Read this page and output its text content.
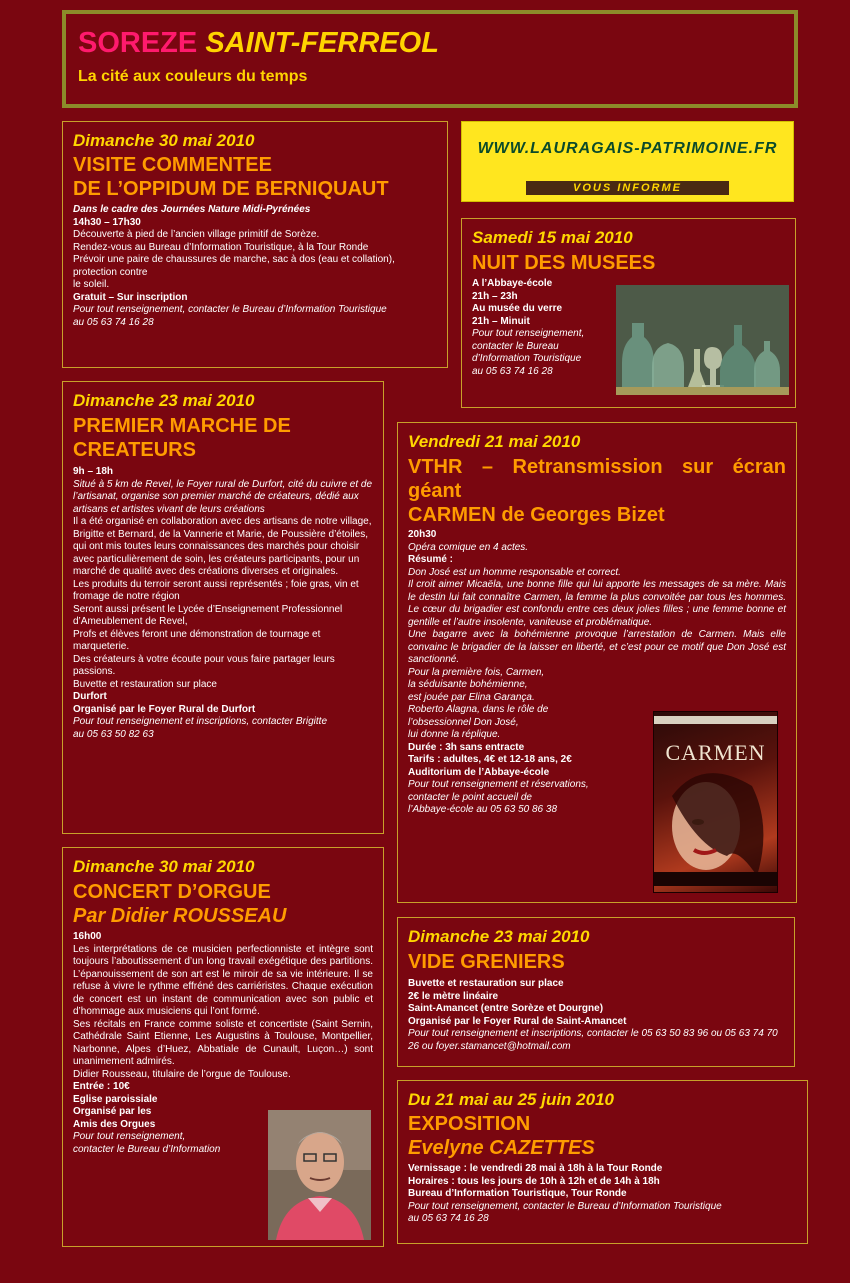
SOREZE SAINT-FERREOL
La cité aux couleurs du temps
WWW.LAURAGAIS-PATRIMOINE.FR
VOUS INFORME
Dimanche 30 mai 2010
VISITE COMMENTEE
DE L’OPPIDUM DE BERNIQUAUT
Dans le cadre des Journées Nature Midi-Pyrénées
14h30 – 17h30
Découverte à pied de l’ancien village primitif de Sorèze.
Rendez-vous au Bureau d’Information Touristique, à la Tour Ronde
Prévoir une paire de chaussures de marche, sac à dos (eau et collation), protection contre
le soleil.
Gratuit – Sur inscription
Pour tout renseignement, contacter le Bureau d’Information Touristique
au 05 63 74 16 28
Samedi 15 mai 2010
NUIT DES MUSEES
A l’Abbaye-école
21h – 23h
Au musée du verre
21h – Minuit
Pour tout renseignement,
contacter le Bureau
d’Information Touristique
au 05 63 74 16 28
Dimanche 23 mai 2010
PREMIER MARCHE DE
CREATEURS
9h – 18h
Situé à 5 km de Revel, le Foyer rural de Durfort, cité du cuivre et de l’artisanat, organise son premier marché de créateurs, dédié aux artisans et artistes vivant de leurs créations
Il a été organisé en collaboration avec des artisans de notre village, Brigitte et Bernard, de la Vannerie et Marie, de Poussière d’étoiles, qui ont mis toutes leurs connaissances des marchés pour choisir avec particulièrement de soin, les créateurs participants, pour un marché de qualité avec des créations diverses et originales.
Les produits du terroir seront aussi représentés ; foie gras, vin et fromage de notre région
Seront aussi présent le Lycée d’Enseignement Professionnel d’Ameublement de Revel,
Profs et élèves feront une démonstration de tournage et marqueterie.
Des créateurs à votre écoute pour vous faire partager leurs passions.
Buvette et restauration sur place
Durfort
Organisé par le Foyer Rural de Durfort
Pour tout renseignement et inscriptions, contacter Brigitte
au 05 63 50 82 63
Vendredi 21 mai 2010
VTHR – Retransmission sur écran géant
CARMEN de Georges Bizet
20h30
Opéra comique en 4 actes.
Résumé :
Don José est un homme responsable et correct.
Il croit aimer Micaëla, une bonne fille qui lui apporte les messages de sa mère. Mais le destin lui fait connaître Carmen, la femme la plus convoitée par tous les hommes. Le cœur du brigadier est confondu entre ces deux jolies filles ; une femme bonne et gentille et l’autre insolente, vaniteuse et problématique.
Une bagarre avec la bohémienne provoque l’arrestation de Carmen. Mais elle convainc le brigadier de la laisser en liberté, et c’est pour ce motif que Don José est sanctionné.
Pour la première fois, Carmen,
la séduisante bohémienne,
est jouée par Elina Garança.
Roberto Alagna, dans le rôle de
l’obsessionnel Don José,
lui donne la réplique.
Durée : 3h sans entracte
Tarifs : adultes, 4€ et 12-18 ans, 2€
Auditorium de l’Abbaye-école
Pour tout renseignement et réservations,
contacter le point accueil de
l’Abbaye-école au 05 63 50 86 38
CARMEN
Dimanche 30 mai 2010
CONCERT D’ORGUE
Par Didier ROUSSEAU
16h00
Les interprétations de ce musicien perfectionniste et intègre sont toujours l’aboutissement d’un long travail exégétique des partitions. L’épanouissement de son art est le miroir de sa vie intérieure. Il se refuse à vivre le rythme effréné des carriéristes. Chaque exécution de concert est un instant de communication avec son public et d’hommage aux musiciens qui l’ont formé.
Ses récitals en France comme soliste et concertiste (Saint Sernin, Cathédrale Saint Etienne, Les Augustins à Toulouse, Montpellier, Narbonne, Alpes d’Huez, Abbatiale de Cunault, Luçon…) sont unanimement admirés.
Didier Rousseau, titulaire de l’orgue de Toulouse.
Entrée : 10€
Eglise paroissiale
Organisé par les
Amis des Orgues
Pour tout renseignement,
contacter le Bureau d’Information
Dimanche 23 mai 2010
VIDE GRENIERS
Buvette et restauration sur place
2€ le mètre linéaire
Saint-Amancet (entre Sorèze et Dourgne)
Organisé par le Foyer Rural de Saint-Amancet
Pour tout renseignement et inscriptions, contacter le 05 63 50 83 96 ou 05 63 74 70 26 ou foyer.stamancet@hotmail.com
Du 21 mai au 25 juin 2010
EXPOSITION
Evelyne CAZETTES
Vernissage : le vendredi 28 mai à 18h à la Tour Ronde
Horaires : tous les jours de 10h à 12h et de 14h à 18h
Bureau d’Information Touristique, Tour Ronde
Pour tout renseignement, contacter le Bureau d’Information Touristique
au 05 63 74 16 28
